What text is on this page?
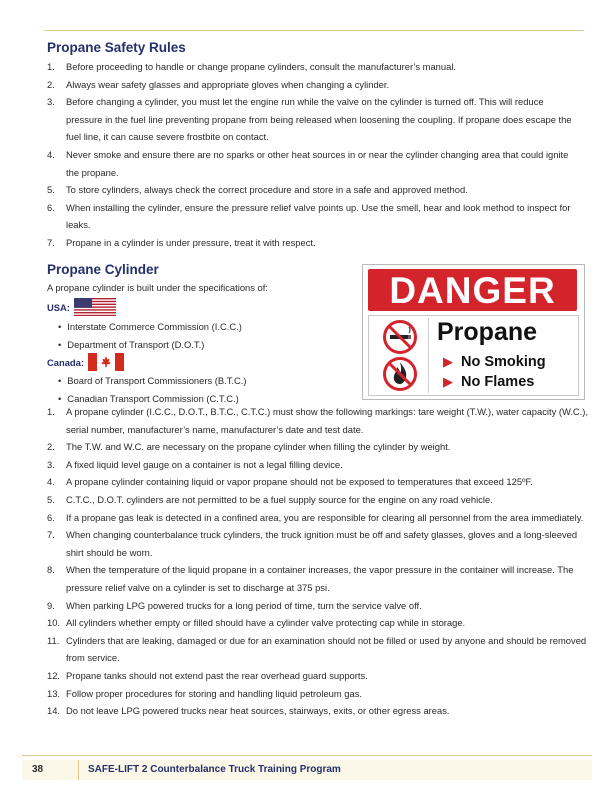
Propane Safety Rules
1.	Before proceeding to handle or change propane cylinders, consult the manufacturer’s manual.
2.	Always wear safety glasses and appropriate gloves when changing a cylinder.
3.	Before changing a cylinder, you must let the engine run while the valve on the cylinder is turned off. This will reduce pressure in the fuel line preventing propane from being released when loosening the coupling. If propane does escape the fuel line, it can cause severe frostbite on contact.
4.	Never smoke and ensure there are no sparks or other heat sources in or near the cylinder changing area that could ignite the propane.
5.	To store cylinders, always check the correct procedure and store in a safe and approved method.
6.	When installing the cylinder, ensure the pressure relief valve points up. Use the smell, hear and look method to inspect for leaks.
7.	Propane in a cylinder is under pressure, treat it with respect.
Propane Cylinder
A propane cylinder is built under the specifications of:
USA:
• Interstate Commerce Commission (I.C.C.)
• Department of Transport (D.O.T.)
Canada:
• Board of Transport Commissioners (B.T.C.)
• Canadian Transport Commission (C.T.C.)
DANGER
Propane
▶ No Smoking
▶ No Flames
1.	A propane cylinder (I.C.C., D.O.T., B.T.C., C.T.C.) must show the following markings: tare weight (T.W.), water capacity (W.C.), serial number, manufacturer’s name, manufacturer’s date and test date.
2.	The T.W. and W.C. are necessary on the propane cylinder when filling the cylinder by weight.
3.	A fixed liquid level gauge on a container is not a legal filling device.
4.	A propane cylinder containing liquid or vapor propane should not be exposed to temperatures that exceed 125ºF.
5.	C.T.C., D.O.T. cylinders are not permitted to be a fuel supply source for the engine on any road vehicle.
6.	If a propane gas leak is detected in a confined area, you are responsible for clearing all personnel from the area immediately.
7.	When changing counterbalance truck cylinders, the truck ignition must be off and safety glasses, gloves and a long-sleeved shirt should be worn.
8.	When the temperature of the liquid propane in a container increases, the vapor pressure in the container will increase. The pressure relief valve on a cylinder is set to discharge at 375 psi.
9.	When parking LPG powered trucks for a long period of time, turn the service valve off.
10. All cylinders whether empty or filled should have a cylinder valve protecting cap while in storage.
11. Cylinders that are leaking, damaged or due for an examination should not be filled or used by anyone and should be removed from service.
12. Propane tanks should not extend past the rear overhead guard supports.
13. Follow proper procedures for storing and handling liquid petroleum gas.
14. Do not leave LPG powered trucks near heat sources, stairways, exits, or other egress areas.
38	SAFE-LIFT 2 Counterbalance Truck Training Program
